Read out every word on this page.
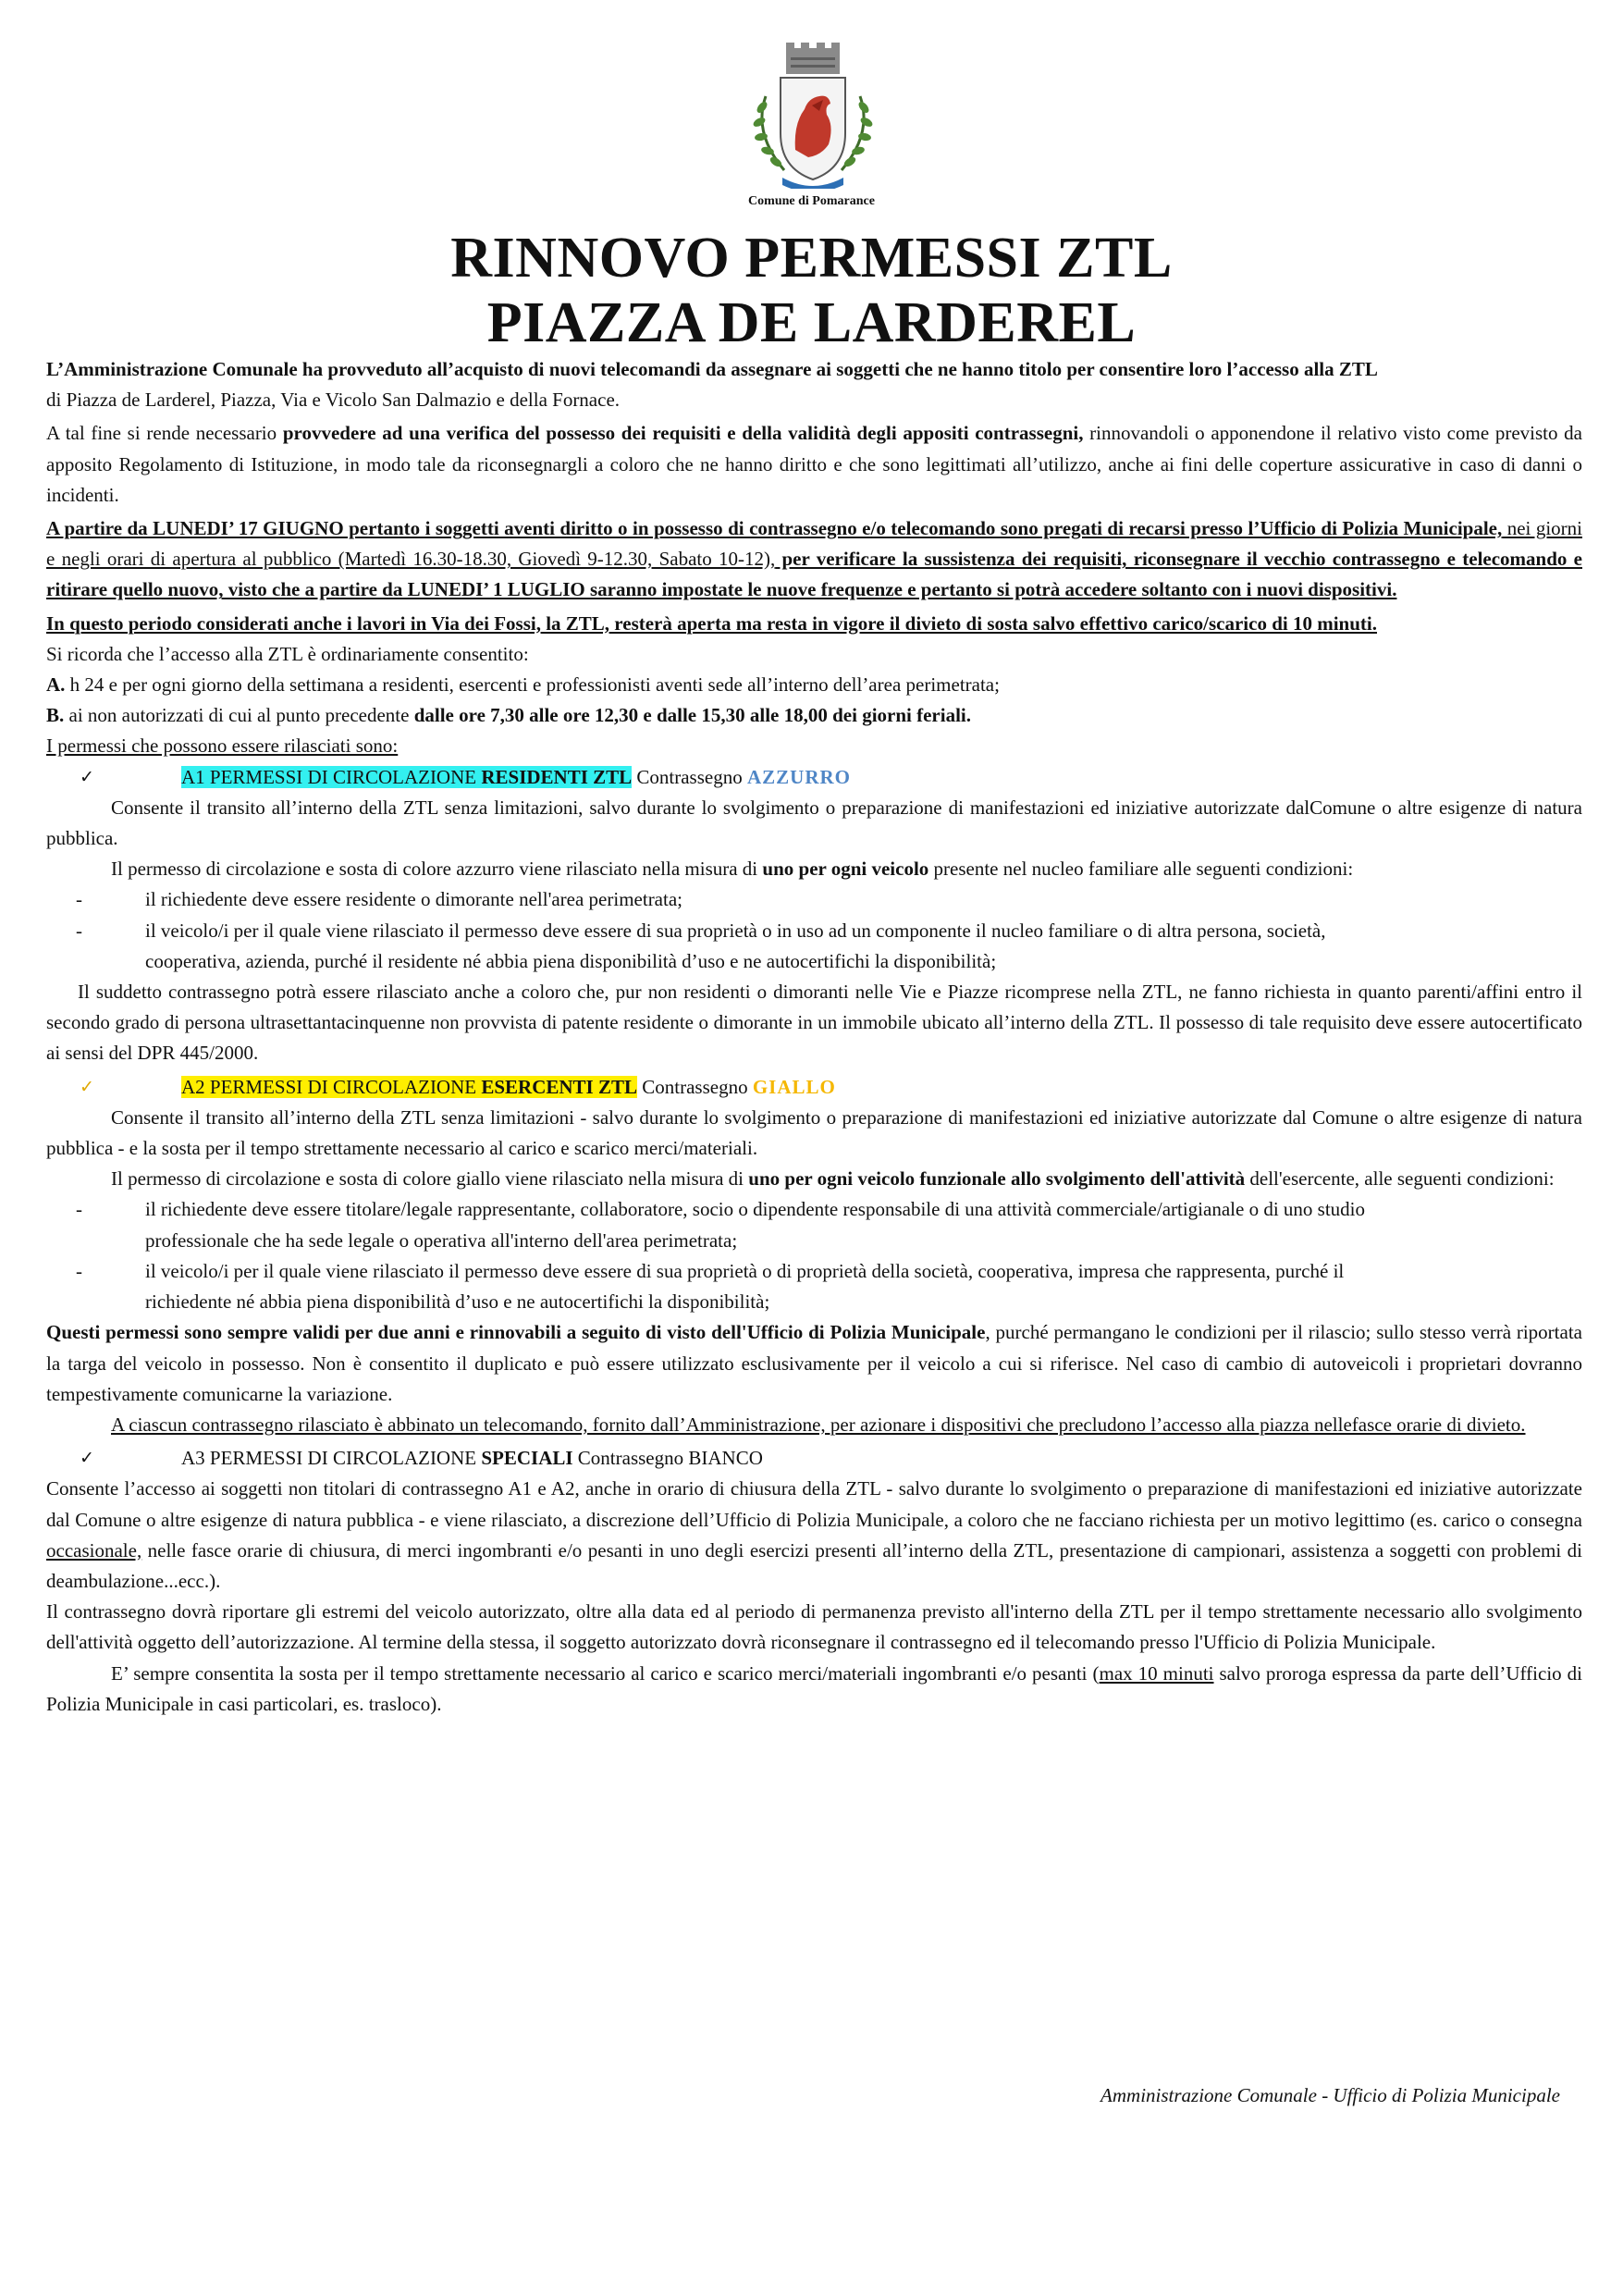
Comune di Pomarance
RINNOVO PERMESSI ZTL
PIAZZA DE LARDEREL

L’Amministrazione Comunale ha provveduto all’acquisto di nuovi telecomandi da assegnare ai soggetti che ne hanno titolo per consentire loro l’accesso alla ZTL

di Piazza de Larderel, Piazza, Via e Vicolo San Dalmazio e della Fornace.

A tal fine si rende necessario provvedere ad una verifica del possesso dei requisiti e della validità degli appositi contrassegni, rinnovandoli o apponendone il relativo visto come previsto da apposito Regolamento di Istituzione, in modo tale da riconsegnargli a coloro che ne hanno diritto e che sono legittimati all’utilizzo, anche ai fini delle coperture assicurative in caso di danni o incidenti.

A partire da LUNEDI’ 17 GIUGNO pertanto i soggetti aventi diritto o in possesso di contrassegno e/o telecomando sono pregati di recarsi presso l’Ufficio di Polizia Municipale, nei giorni e negli orari di apertura al pubblico (Martedì 16.30-18.30, Giovedì 9-12.30, Sabato 10-12), per verificare la sussistenza dei requisiti, riconsegnare il vecchio contrassegno e telecomando e ritirare quello nuovo, visto che a partire da LUNEDI’ 1 LUGLIO saranno impostate le nuove frequenze e pertanto si potrà accedere soltanto con i nuovi dispositivi.

In questo periodo considerati anche i lavori in Via dei Fossi, la ZTL, resterà aperta ma resta in vigore il divieto di sosta salvo effettivo carico/scarico di 10 minuti.

Si ricorda che l’accesso alla ZTL è ordinariamente consentito:

A. h 24 e per ogni giorno della settimana a residenti, esercenti e professionisti aventi sede all’interno dell’area perimetrata;

B. ai non autorizzati di cui al punto precedente dalle ore 7,30 alle ore 12,30 e dalle 15,30 alle 18,00 dei giorni feriali.

I permessi che possono essere rilasciati sono:

✓	A1 PERMESSI DI CIRCOLAZIONE RESIDENTI ZTL Contrassegno AZZURRO

Consente il transito all’interno della ZTL senza limitazioni, salvo durante lo svolgimento o preparazione di manifestazioni ed iniziative autorizzate dalComune o altre esigenze di natura pubblica.

Il permesso di circolazione e sosta di colore azzurro viene rilasciato nella misura di uno per ogni veicolo presente nel nucleo familiare alle seguenti condizioni:

-	il richiedente deve essere residente o dimorante nell'area perimetrata;

-	il veicolo/i per il quale viene rilasciato il permesso deve essere di sua proprietà o in uso ad un componente il nucleo familiare o di altra persona, società,

cooperativa, azienda, purché il residente né abbia piena disponibilità d’uso e ne autocertifichi la disponibilità;

Il suddetto contrassegno potrà essere rilasciato anche a coloro che, pur non residenti o dimoranti nelle Vie e Piazze ricomprese nella ZTL, ne fanno richiesta in quanto parenti/affini entro il secondo grado di persona ultrasettantacinquenne non provvista di patente residente o dimorante in un immobile ubicato all’interno della ZTL. Il possesso di tale requisito deve essere autocertificato ai sensi del DPR 445/2000.

✓	A2 PERMESSI DI CIRCOLAZIONE ESERCENTI ZTL Contrassegno GIALLO

Consente il transito all’interno della ZTL senza limitazioni - salvo durante lo svolgimento o preparazione di manifestazioni ed iniziative autorizzate dal Comune o altre esigenze di natura pubblica - e la sosta per il tempo strettamente necessario al carico e scarico merci/materiali.

Il permesso di circolazione e sosta di colore giallo viene rilasciato nella misura di uno per ogni veicolo funzionale allo svolgimento dell'attività dell'esercente, alle seguenti condizioni:

-	il richiedente deve essere titolare/legale rappresentante, collaboratore, socio o dipendente responsabile di una attività commerciale/artigianale o di uno studio

professionale che ha sede legale o operativa all'interno dell'area perimetrata;

-	il veicolo/i per il quale viene rilasciato il permesso deve essere di sua proprietà o di proprietà della società, cooperativa, impresa che rappresenta, purché il

richiedente né abbia piena disponibilità d’uso e ne autocertifichi la disponibilità;

Questi permessi sono sempre validi per due anni e rinnovabili a seguito di visto dell'Ufficio di Polizia Municipale, purché permangano le condizioni per il rilascio; sullo stesso verrà riportata la targa del veicolo in possesso. Non è consentito il duplicato e può essere utilizzato esclusivamente per il veicolo a cui si riferisce. Nel caso di cambio di autoveicoli i proprietari dovranno tempestivamente comunicarne la variazione.

A ciascun contrassegno rilasciato è abbinato un telecomando, fornito dall’Amministrazione, per azionare i dispositivi che precludono l’accesso alla piazza nellefasce orarie di divieto.

✓	A3 PERMESSI DI CIRCOLAZIONE SPECIALI Contrassegno BIANCO

Consente l’accesso ai soggetti non titolari di contrassegno A1 e A2, anche in orario di chiusura della ZTL - salvo durante lo svolgimento o preparazione di manifestazioni ed iniziative autorizzate dal Comune o altre esigenze di natura pubblica - e viene rilasciato, a discrezione dell’Ufficio di Polizia Municipale, a coloro che ne facciano richiesta per un motivo legittimo (es. carico o consegna occasionale, nelle fasce orarie di chiusura, di merci ingombranti e/o pesanti in uno degli esercizi presenti all’interno della ZTL, presentazione di campionari, assistenza a soggetti con problemi di deambulazione...ecc.).

Il contrassegno dovrà riportare gli estremi del veicolo autorizzato, oltre alla data ed al periodo di permanenza previsto all'interno della ZTL per il tempo strettamente necessario allo svolgimento dell'attività oggetto dell’autorizzazione. Al termine della stessa, il soggetto autorizzato dovrà riconsegnare il contrassegno ed il telecomando presso l'Ufficio di Polizia Municipale.

E’ sempre consentita la sosta per il tempo strettamente necessario al carico e scarico merci/materiali ingombranti e/o pesanti (max 10 minuti salvo proroga espressa da parte dell’Ufficio di Polizia Municipale in casi particolari, es. trasloco).

Amministrazione Comunale - Ufficio di Polizia Municipale
